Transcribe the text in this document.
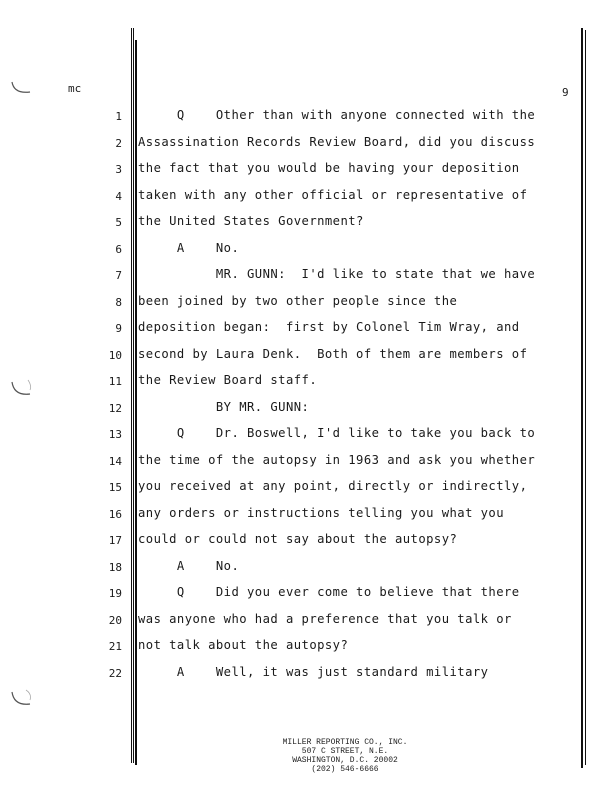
mc	9
1 Q    Other than with anyone connected with the
2 Assassination Records Review Board, did you discuss
3 the fact that you would be having your deposition
4 taken with any other official or representative of
5 the United States Government?
6 A    No.
7 MR. GUNN:  I'd like to state that we have
8 been joined by two other people since the
9 deposition began:  first by Colonel Tim Wray, and
10 second by Laura Denk.  Both of them are members of
11 the Review Board staff.
12 BY MR. GUNN:
13 Q    Dr. Boswell, I'd like to take you back to
14 the time of the autopsy in 1963 and ask you whether
15 you received at any point, directly or indirectly,
16 any orders or instructions telling you what you
17 could or could not say about the autopsy?
18 A    No.
19 Q    Did you ever come to believe that there
20 was anyone who had a preference that you talk or
21 not talk about the autopsy?
22 A    Well, it was just standard military
MILLER REPORTING CO., INC.
507 C STREET, N.E.
WASHINGTON, D.C. 20002
(202) 546-6666
